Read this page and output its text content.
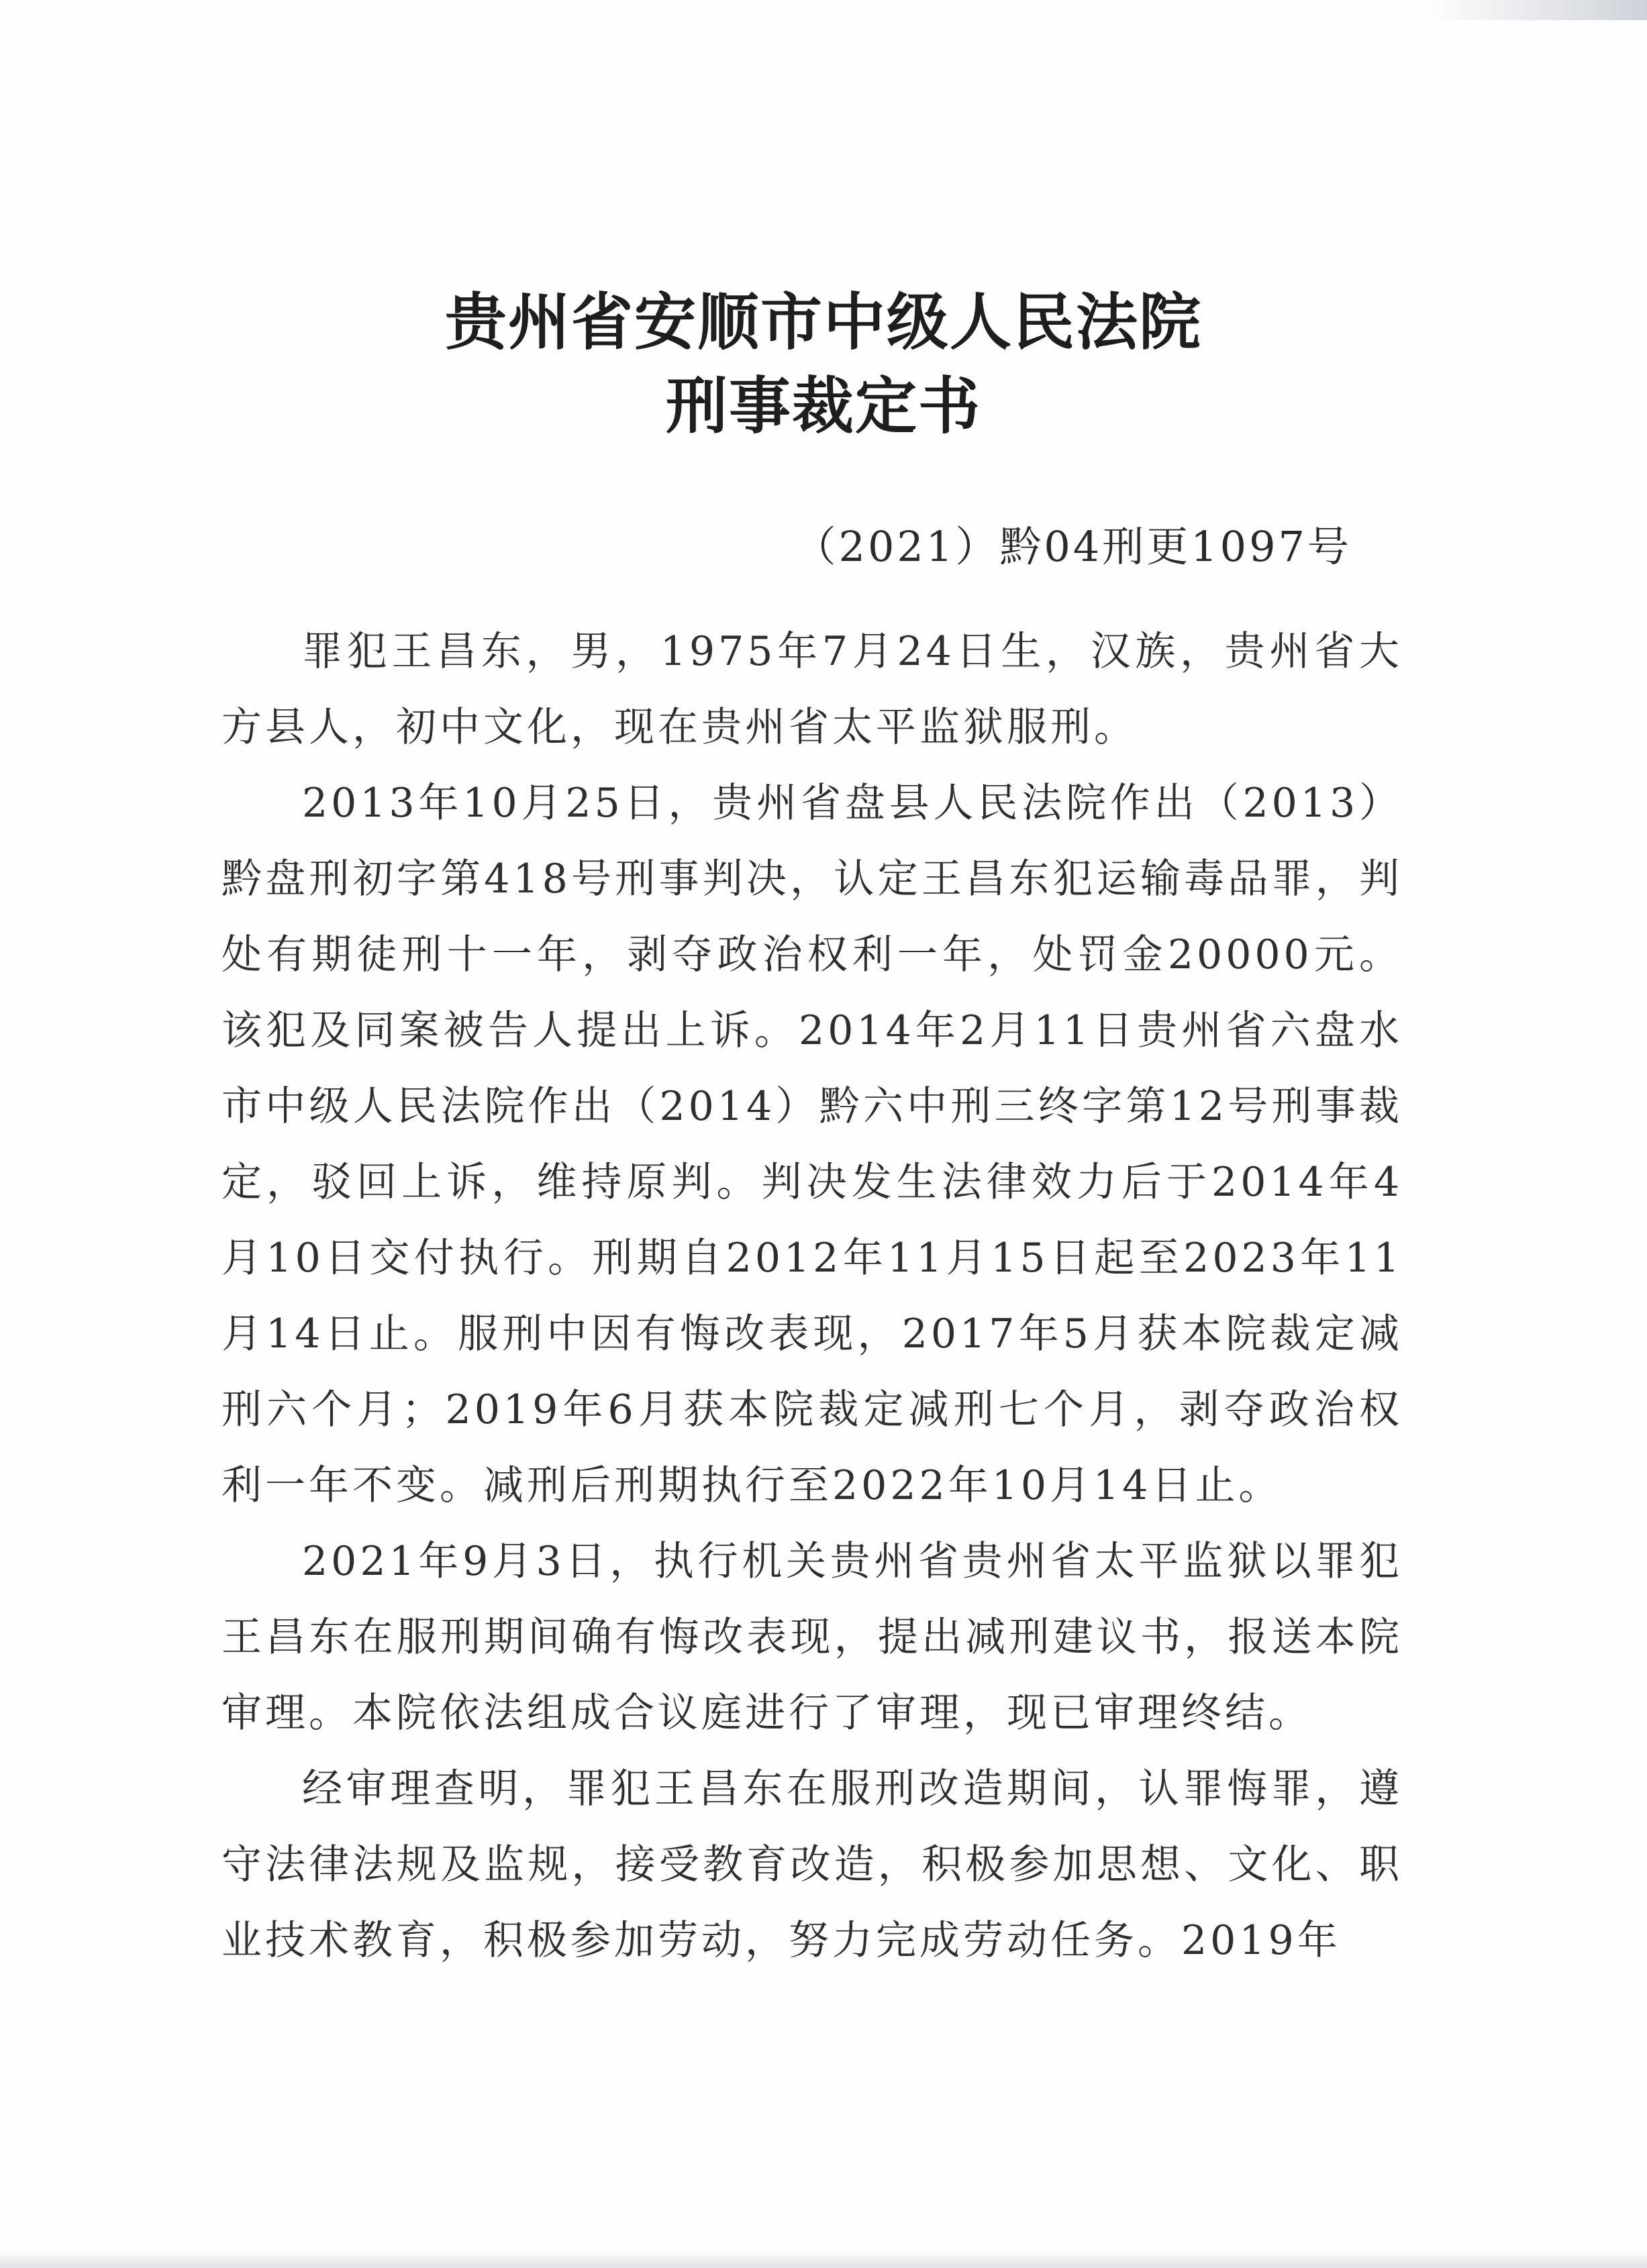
贵州省安顺市中级人民法院
刑事裁定书
（2021）黔04刑更1097号

罪犯王昌东，男，1975年7月24日生，汉族，贵州省大方县人，初中文化，现在贵州省太平监狱服刑。

2013年10月25日，贵州省盘县人民法院作出（2013）黔盘刑初字第418号刑事判决，认定王昌东犯运输毒品罪，判处有期徒刑十一年，剥夺政治权利一年，处罚金20000元。该犯及同案被告人提出上诉。2014年2月11日贵州省六盘水市中级人民法院作出（2014）黔六中刑三终字第12号刑事裁定，驳回上诉，维持原判。判决发生法律效力后于2014年4月10日交付执行。刑期自2012年11月15日起至2023年11月14日止。服刑中因有悔改表现，2017年5月获本院裁定减刑六个月；2019年6月获本院裁定减刑七个月，剥夺政治权利一年不变。减刑后刑期执行至2022年10月14日止。

2021年9月3日，执行机关贵州省贵州省太平监狱以罪犯王昌东在服刑期间确有悔改表现，提出减刑建议书，报送本院审理。本院依法组成合议庭进行了审理，现已审理终结。

经审理查明，罪犯王昌东在服刑改造期间，认罪悔罪，遵守法律法规及监规，接受教育改造，积极参加思想、文化、职业技术教育，积极参加劳动，努力完成劳动任务。2019年
